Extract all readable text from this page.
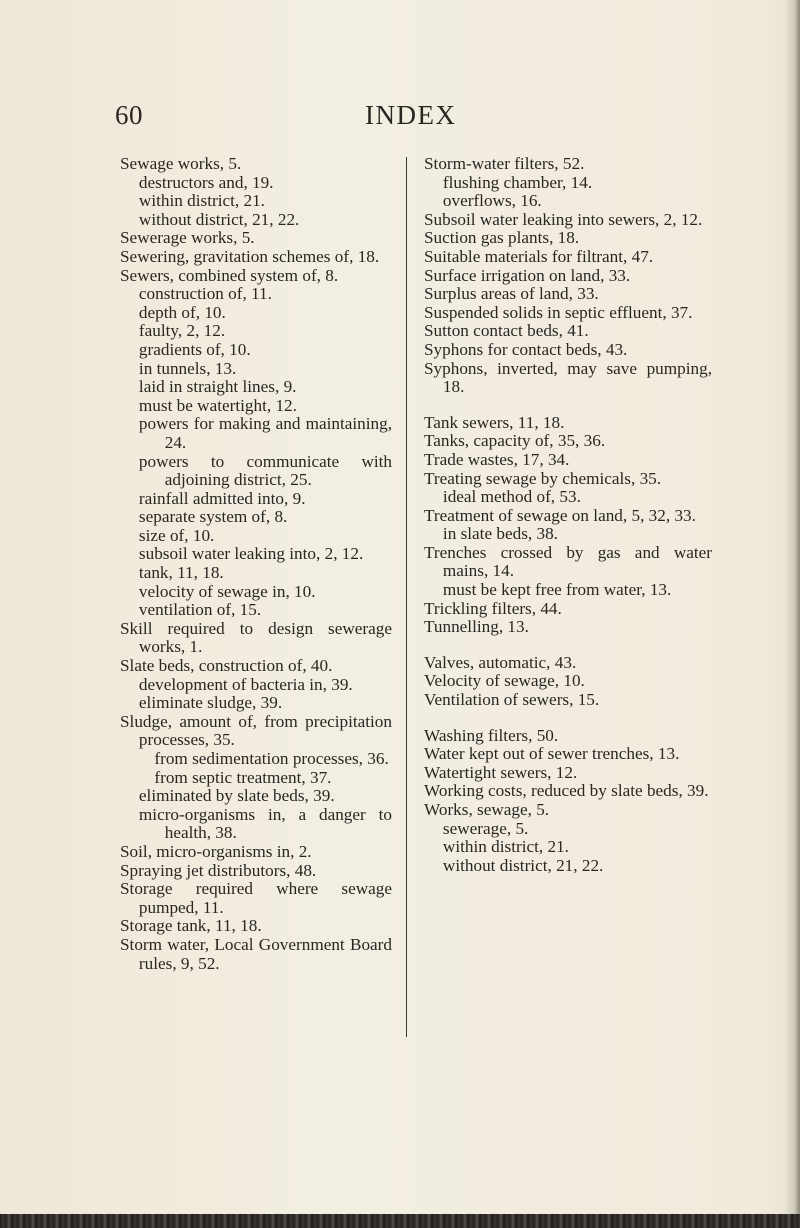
60	INDEX
Sewage works, 5.
destructors and, 19.
within district, 21.
without district, 21, 22.
Sewerage works, 5.
Sewering, gravitation schemes of, 18.
Sewers, combined system of, 8.
construction of, 11.
depth of, 10.
faulty, 2, 12.
gradients of, 10.
in tunnels, 13.
laid in straight lines, 9.
must be watertight, 12.
powers for making and maintaining, 24.
powers to communicate with adjoining district, 25.
rainfall admitted into, 9.
separate system of, 8.
size of, 10.
subsoil water leaking into, 2, 12.
tank, 11, 18.
velocity of sewage in, 10.
ventilation of, 15.
Skill required to design sewerage works, 1.
Slate beds, construction of, 40.
development of bacteria in, 39.
eliminate sludge, 39.
Sludge, amount of, from precipitation processes, 35.
from sedimentation processes, 36.
from septic treatment, 37.
eliminated by slate beds, 39.
micro-organisms in, a danger to health, 38.
Soil, micro-organisms in, 2.
Spraying jet distributors, 48.
Storage required where sewage pumped, 11.
Storage tank, 11, 18.
Storm water, Local Government Board rules, 9, 52.
Storm-water filters, 52.
flushing chamber, 14.
overflows, 16.
Subsoil water leaking into sewers, 2, 12.
Suction gas plants, 18.
Suitable materials for filtrant, 47.
Surface irrigation on land, 33.
Surplus areas of land, 33.
Suspended solids in septic effluent, 37.
Sutton contact beds, 41.
Syphons for contact beds, 43.
Syphons, inverted, may save pumping, 18.
Tank sewers, 11, 18.
Tanks, capacity of, 35, 36.
Trade wastes, 17, 34.
Treating sewage by chemicals, 35.
ideal method of, 53.
Treatment of sewage on land, 5, 32, 33.
in slate beds, 38.
Trenches crossed by gas and water mains, 14.
must be kept free from water, 13.
Trickling filters, 44.
Tunnelling, 13.
Valves, automatic, 43.
Velocity of sewage, 10.
Ventilation of sewers, 15.
Washing filters, 50.
Water kept out of sewer trenches, 13.
Watertight sewers, 12.
Working costs, reduced by slate beds, 39.
Works, sewage, 5.
sewerage, 5.
within district, 21.
without district, 21, 22.
